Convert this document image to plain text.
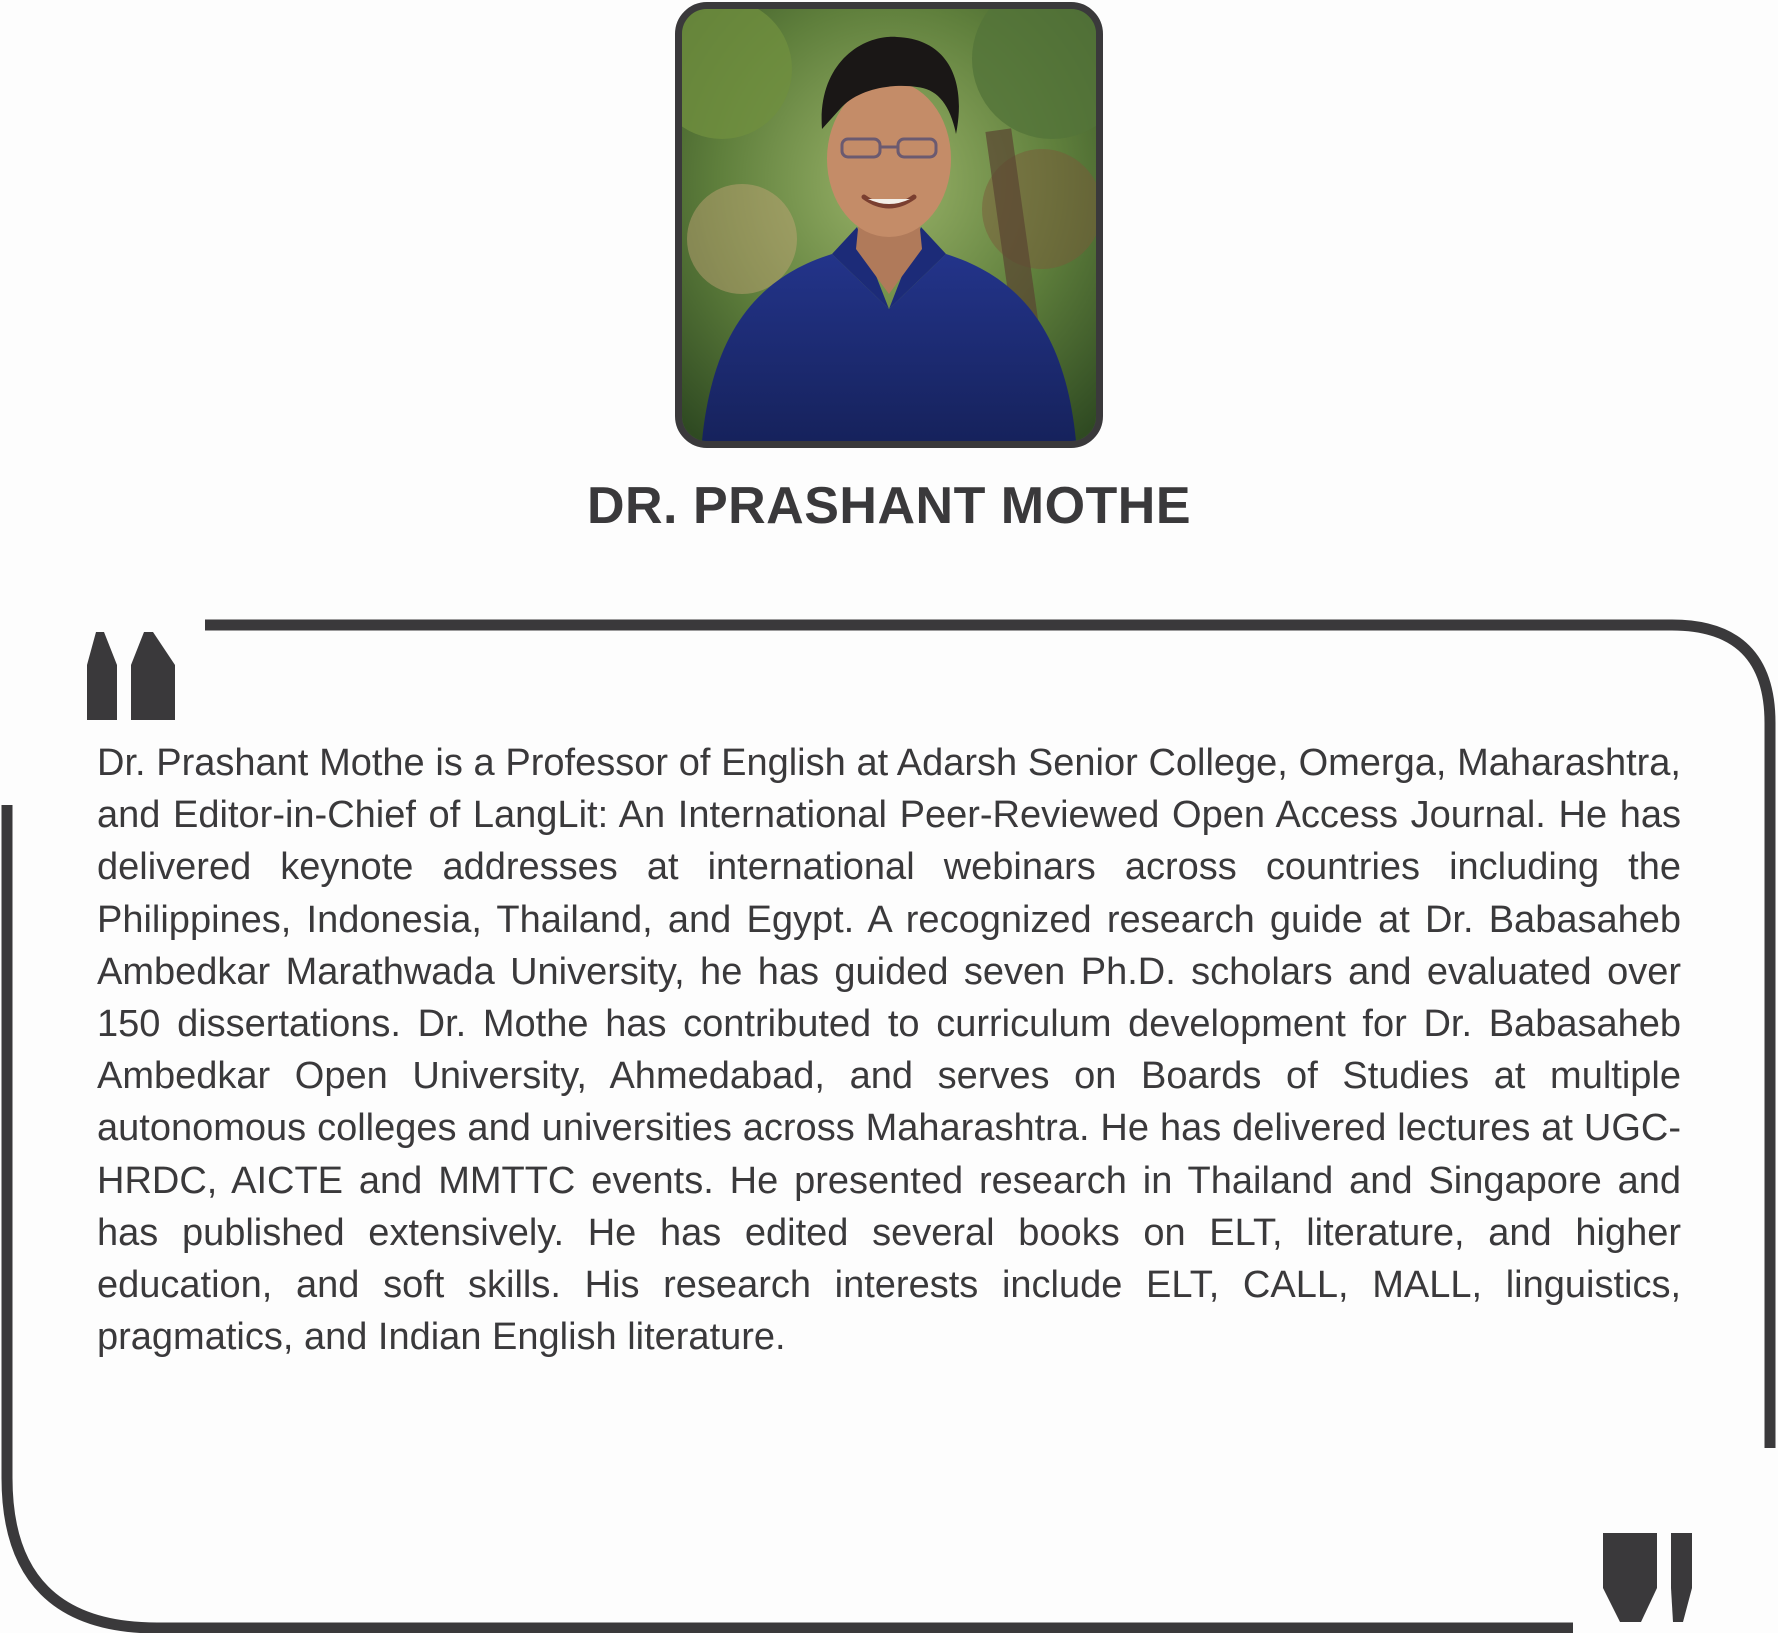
DR. PRASHANT MOTHE

Dr. Prashant Mothe is a Professor of English at Adarsh Senior College, Omerga, Maharashtra, and Editor-in-Chief of LangLit: An International Peer-Reviewed Open Access Journal. He has delivered keynote addresses at international webinars across countries including the Philippines, Indonesia, Thailand, and Egypt. A recognized research guide at Dr. Babasaheb Ambedkar Marathwada University, he has guided seven Ph.D. scholars and evaluated over 150 dissertations. Dr. Mothe has contributed to curriculum development for Dr. Babasaheb Ambedkar Open University, Ahmedabad, and serves on Boards of Studies at multiple autonomous colleges and universities across Maharashtra. He has delivered lectures at UGC-HRDC, AICTE and MMTTC events. He presented research in Thailand and Singapore and has published extensively. He has edited several books on ELT, literature, and higher education, and soft skills. His research interests include ELT, CALL, MALL, linguistics, pragmatics, and Indian English literature.
